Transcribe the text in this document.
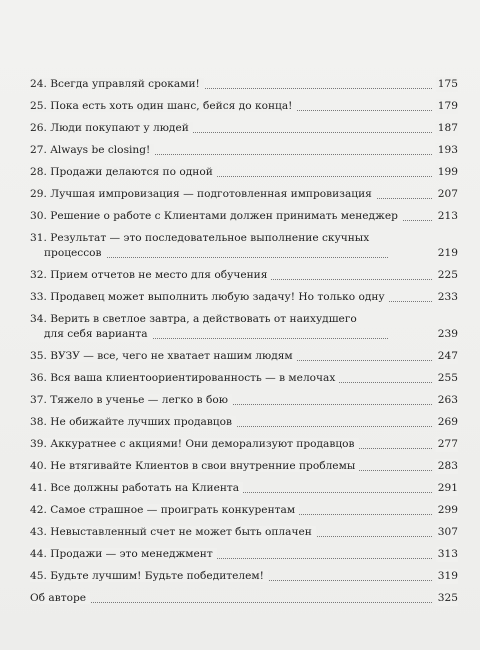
24. Всегда управляй сроками!	175
25. Пока есть хоть один шанс, бейся до конца!	179
26. Люди покупают у людей	187
27. Always be closing!	193
28. Продажи делаются по одной	199
29. Лучшая импровизация — подготовленная импровизация	207
30. Решение о работе с Клиентами должен принимать менеджер	213
31. Результат — это последовательное выполнение скучных
процессов	219
32. Прием отчетов не место для обучения	225
33. Продавец может выполнить любую задачу! Но только одну	233
34. Верить в светлое завтра, а действовать от наихудшего
для себя варианта	239
35. ВУЗУ — все, чего не хватает нашим людям	247
36. Вся ваша клиентоориентированность — в мелочах	255
37. Тяжело в ученье — легко в бою	263
38. Не обижайте лучших продавцов	269
39. Аккуратнее с акциями! Они деморализуют продавцов	277
40. Не втягивайте Клиентов в свои внутренние проблемы	283
41. Все должны работать на Клиента	291
42. Самое страшное — проиграть конкурентам	299
43. Невыставленный счет не может быть оплачен	307
44. Продажи — это менеджмент	313
45. Будьте лучшим! Будьте победителем!	319
Об авторе	325
